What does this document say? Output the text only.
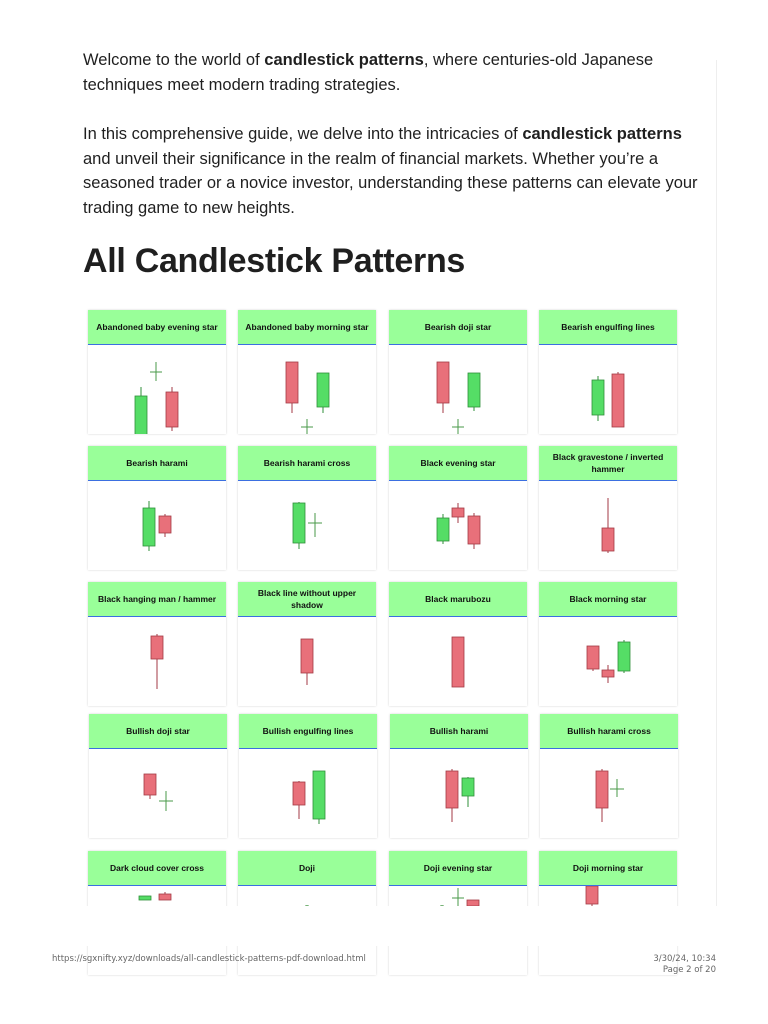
Welcome to the world of candlestick patterns, where centuries-old Japanese techniques meet modern trading strategies.

In this comprehensive guide, we delve into the intricacies of candlestick patterns and unveil their significance in the realm of financial markets. Whether you’re a seasoned trader or a novice investor, understanding these patterns can elevate your trading game to new heights.

All Candlestick Patterns
Abandoned baby evening star	Abandoned baby morning star	Bearish doji star	Bearish engulfing lines
Bearish harami	Bearish harami cross	Black evening star
Black gravestone / inverted hammer
Black hanging man / hammer
Black line without upper shadow
Black marubozu	Black morning star
Bullish doji star	Bullish engulfing lines	Bullish harami	Bullish harami cross
Dark cloud cover cross	Doji	Doji evening star	Doji morning star
https://sgxnifty.xyz/downloads/all-candlestick-patterns-pdf-download.html	3/30/24, 10:34
Page 2 of 20
